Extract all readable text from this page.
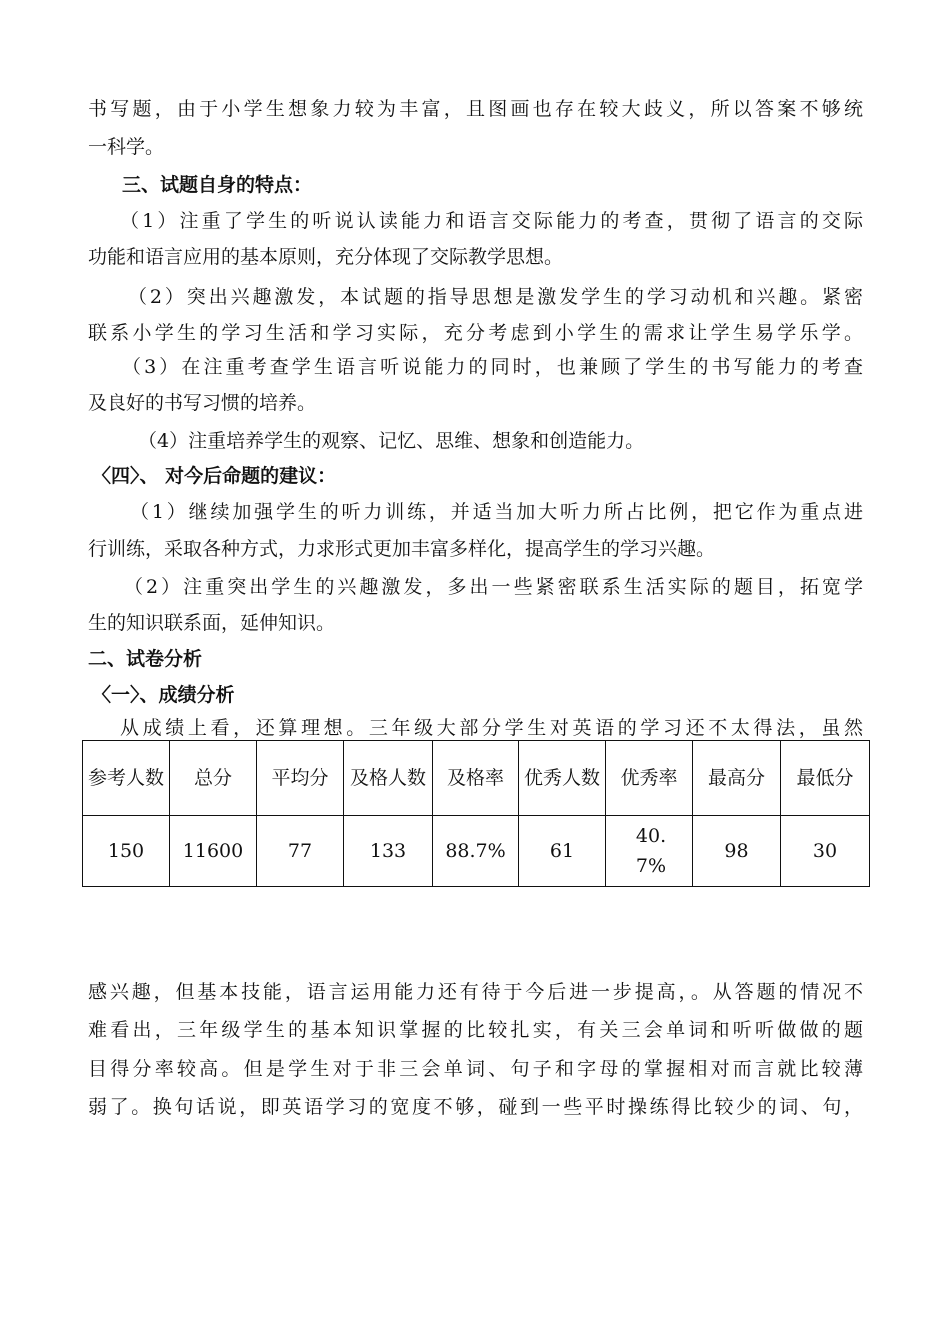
书写题，由于小学生想象力较为丰富，且图画也存在较大歧义，所以答案不够统
一科学。
三、试题自身的特点：
（1）注重了学生的听说认读能力和语言交际能力的考查，贯彻了语言的交际
功能和语言应用的基本原则，充分体现了交际教学思想。
（2）突出兴趣激发，本试题的指导思想是激发学生的学习动机和兴趣。紧密
联系小学生的学习生活和学习实际，充分考虑到小学生的需求让学生易学乐学。
（3）在注重考查学生语言听说能力的同时，也兼顾了学生的书写能力的考查
及良好的书写习惯的培养。
（4）注重培养学生的观察、记忆、思维、想象和创造能力。
〈四〉、 对今后命题的建议：
（1）继续加强学生的听力训练，并适当加大听力所占比例，把它作为重点进
行训练，采取各种方式，力求形式更加丰富多样化，提高学生的学习兴趣。
（2）注重突出学生的兴趣激发，多出一些紧密联系生活实际的题目，拓宽学
生的知识联系面，延伸知识。
二、试卷分析
〈一〉、成绩分析
从成绩上看，还算理想。三年级大部分学生对英语的学习还不太得法，虽然
参考人数	总分	平均分	及格人数	及格率	优秀人数	优秀率	最高分	最低分
150	11600	77	133	88.7%	61	40.7%	98	30
感兴趣，但基本技能，语言运用能力还有待于今后进一步提高，。从答题的情况不
难看出，三年级学生的基本知识掌握的比较扎实，有关三会单词和听听做做的题
目得分率较高。但是学生对于非三会单词、句子和字母的掌握相对而言就比较薄
弱了。换句话说，即英语学习的宽度不够，碰到一些平时操练得比较少的词、句，
